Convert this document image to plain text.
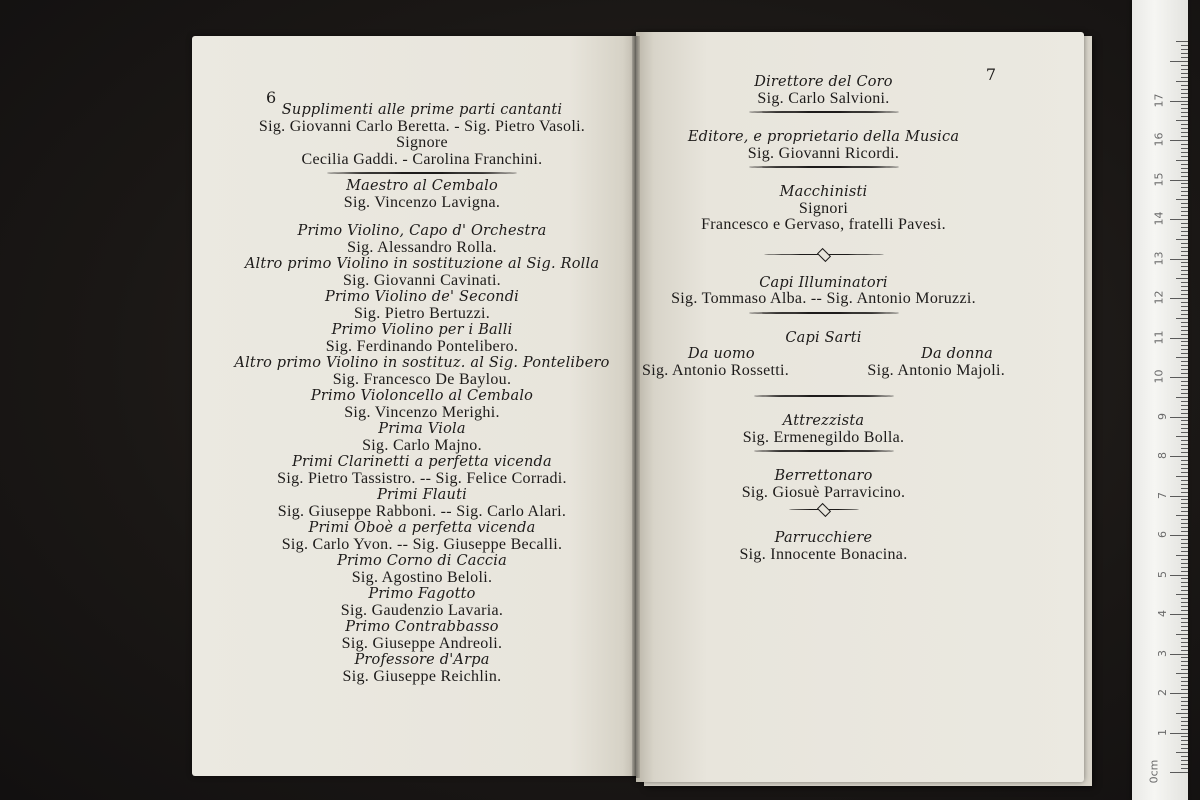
6
Supplimenti alle prime parti cantanti
Sig. Giovanni Carlo Beretta. - Sig. Pietro Vasoli.
Signore
Cecilia Gaddi. - Carolina Franchini.
Maestro al Cembalo
Sig. Vincenzo Lavigna.
Primo Violino, Capo d' Orchestra
Sig. Alessandro Rolla.
Altro primo Violino in sostituzione al Sig. Rolla
Sig. Giovanni Cavinati.
Primo Violino de' Secondi
Sig. Pietro Bertuzzi.
Primo Violino per i Balli
Sig. Ferdinando Pontelibero.
Altro primo Violino in sostituz. al Sig. Pontelibero
Sig. Francesco De Baylou.
Primo Violoncello al Cembalo
Sig. Vincenzo Merighi.
Prima Viola
Sig. Carlo Majno.
Primi Clarinetti a perfetta vicenda
Sig. Pietro Tassistro. -- Sig. Felice Corradi.
Primi Flauti
Sig. Giuseppe Rabboni. -- Sig. Carlo Alari.
Primi Oboè a perfetta vicenda
Sig. Carlo Yvon. -- Sig. Giuseppe Becalli.
Primo Corno di Caccia
Sig. Agostino Beloli.
Primo Fagotto
Sig. Gaudenzio Lavaria.
Primo Contrabbasso
Sig. Giuseppe Andreoli.
Professore d'Arpa
Sig. Giuseppe Reichlin.
7
Direttore del Coro
Sig. Carlo Salvioni.
Editore, e proprietario della Musica
Sig. Giovanni Ricordi.
Macchinisti
Signori
Francesco e Gervaso, fratelli Pavesi.
Capi Illuminatori
Sig. Tommaso Alba. -- Sig. Antonio Moruzzi.
Capi Sarti
Da uomo
Sig. Antonio Rossetti.
Da donna
Sig. Antonio Majoli.
Attrezzista
Sig. Ermenegildo Bolla.
Berrettonaro
Sig. Giosuè Parravicino.
Parrucchiere
Sig. Innocente Bonacina.
0cm
1
2
3
4
5
6
7
8
9
10
11
12
13
14
15
16
17
